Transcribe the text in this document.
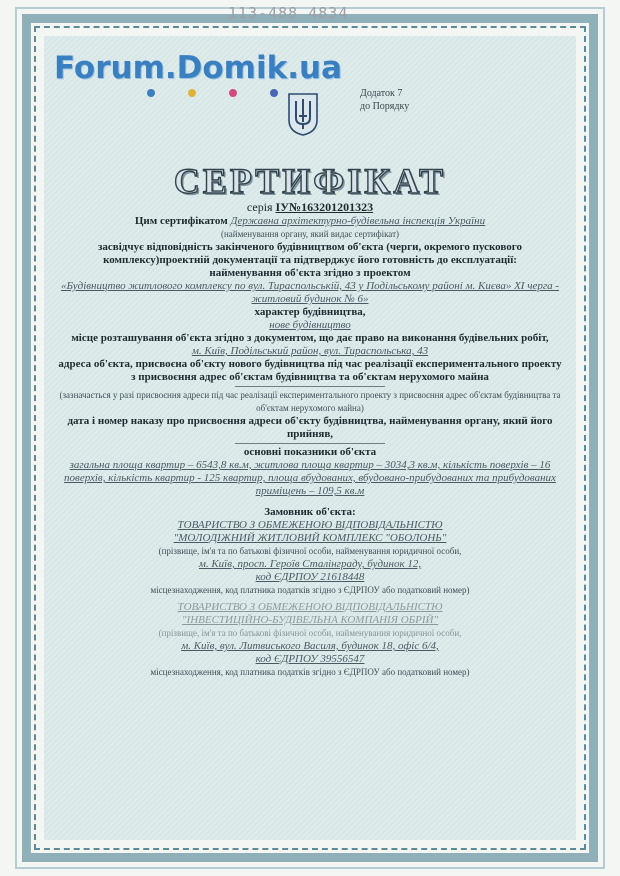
113-488 4834
Forum.Domik.ua
Додаток 7
до Порядку
СЕРТИФІКАТ
серія ІУ№163201201323
Цим сертифікатом Державна архітектурно-будівельна інспекція України
(найменування органу, який видає сертифікат)
засвідчує відповідність закінченого будівництвом об'єкта (черги, окремого пускового комплексу)проектній документації та підтверджує його готовність до експлуатації:
найменування об'єкта згідно з проектом
«Будівництво житлового комплексу по вул. Тираспольській, 43 у Подільському районі м. Києва» ХІ черга - житловий будинок № 6»
характер будівництва,
нове будівництво
місце розташування об'єкта згідно з документом, що дає право на виконання будівельних робіт,
м. Київ, Подільський район, вул. Тираспольська, 43
адреса об'єкта, присвоєна об'єкту нового будівництва під час реалізації експериментального проекту з присвоєння адрес об'єктам будівництва та об'єктам нерухомого майна
(зазначається у разі присвоєння адреси під час реалізації експериментального проекту з присвоєння адрес об'єктам будівництва та об'єктам нерухомого майна)
дата і номер наказу про присвоєння адреси об'єкту будівництва, найменування органу, який його прийняв,
основні показники об'єкта
загальна площа квартир – 6543,8 кв.м, житлова площа квартир – 3034,3 кв.м, кількість поверхів – 16 поверхів, кількість квартир - 125 квартир, площа вбудованих, вбудовано-прибудованих та прибудованих приміщень – 109,5 кв.м
Замовник об'єкта:
ТОВАРИСТВО З ОБМЕЖЕНОЮ ВІДПОВІДАЛЬНІСТЮ
"МОЛОДІЖНИЙ ЖИТЛОВИЙ КОМПЛЕКС "ОБОЛОНЬ"
(прізвище, ім'я та по батькові фізичної особи, найменування юридичної особи,
м. Київ, просп. Героїв Сталінграду, будинок 12,
код ЄДРПОУ 21618448
місцезнаходження, код платника податків згідно з ЄДРПОУ або податковий номер)
ТОВАРИСТВО З ОБМЕЖЕНОЮ ВІДПОВІДАЛЬНІСТЮ
"ІНВЕСТИЦІЙНО-БУДІВЕЛЬНА КОМПАНІЯ ОБРІЙ"
(прізвище, ім'я та по батькові фізичної особи, найменування юридичної особи,
м. Київ, вул. Литвиського Василя, будинок 18, офіс 6/4,
код ЄДРПОУ 39556547
місцезнаходження, код платника податків згідно з ЄДРПОУ або податковий номер)
